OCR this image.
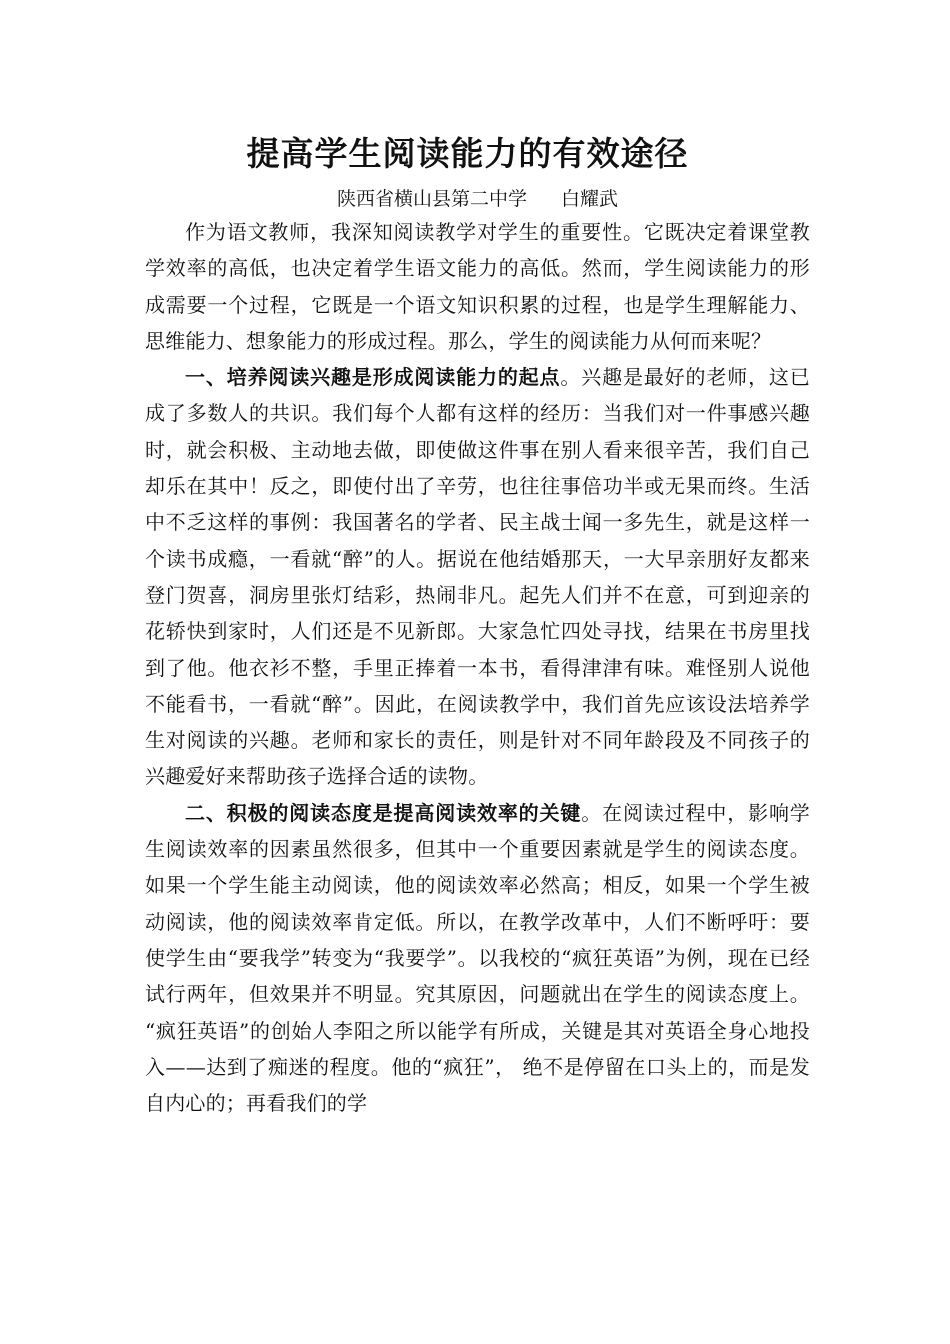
提高学生阅读能力的有效途径

陕西省横山县第二中学 白耀武

作为语文教师，我深知阅读教学对学生的重要性。它既决定着课堂教学效率的高低，也决定着学生语文能力的高低。然而，学生阅读能力的形成需要一个过程，它既是一个语文知识积累的过程，也是学生理解能力、思维能力、想象能力的形成过程。那么，学生的阅读能力从何而来呢？

一、培养阅读兴趣是形成阅读能力的起点。兴趣是最好的老师，这已成了多数人的共识。我们每个人都有这样的经历：当我们对一件事感兴趣时，就会积极、主动地去做，即使做这件事在别人看来很辛苦，我们自己却乐在其中！反之，即使付出了辛劳，也往往事倍功半或无果而终。生活中不乏这样的事例：我国著名的学者、民主战士闻一多先生，就是这样一个读书成瘾，一看就“醉”的人。据说在他结婚那天，一大早亲朋好友都来登门贺喜，洞房里张灯结彩，热闹非凡。起先人们并不在意，可到迎亲的花轿快到家时，人们还是不见新郎。大家急忙四处寻找，结果在书房里找到了他。他衣衫不整，手里正捧着一本书，看得津津有味。难怪别人说他不能看书，一看就“醉”。因此，在阅读教学中，我们首先应该设法培养学生对阅读的兴趣。老师和家长的责任，则是针对不同年龄段及不同孩子的兴趣爱好来帮助孩子选择合适的读物。

二、积极的阅读态度是提高阅读效率的关键。在阅读过程中，影响学生阅读效率的因素虽然很多，但其中一个重要因素就是学生的阅读态度。如果一个学生能主动阅读，他的阅读效率必然高；相反，如果一个学生被动阅读，他的阅读效率肯定低。所以，在教学改革中，人们不断呼吁：要使学生由“要我学”转变为“我要学”。以我校的“疯狂英语”为例，现在已经试行两年，但效果并不明显。究其原因，问题就出在学生的阅读态度上。 “疯狂英语”的创始人李阳之所以能学有所成，关键是其对英语全身心地投入——达到了痴迷的程度。他的“疯狂”， 绝不是停留在口头上的，而是发自内心的；再看我们的学
